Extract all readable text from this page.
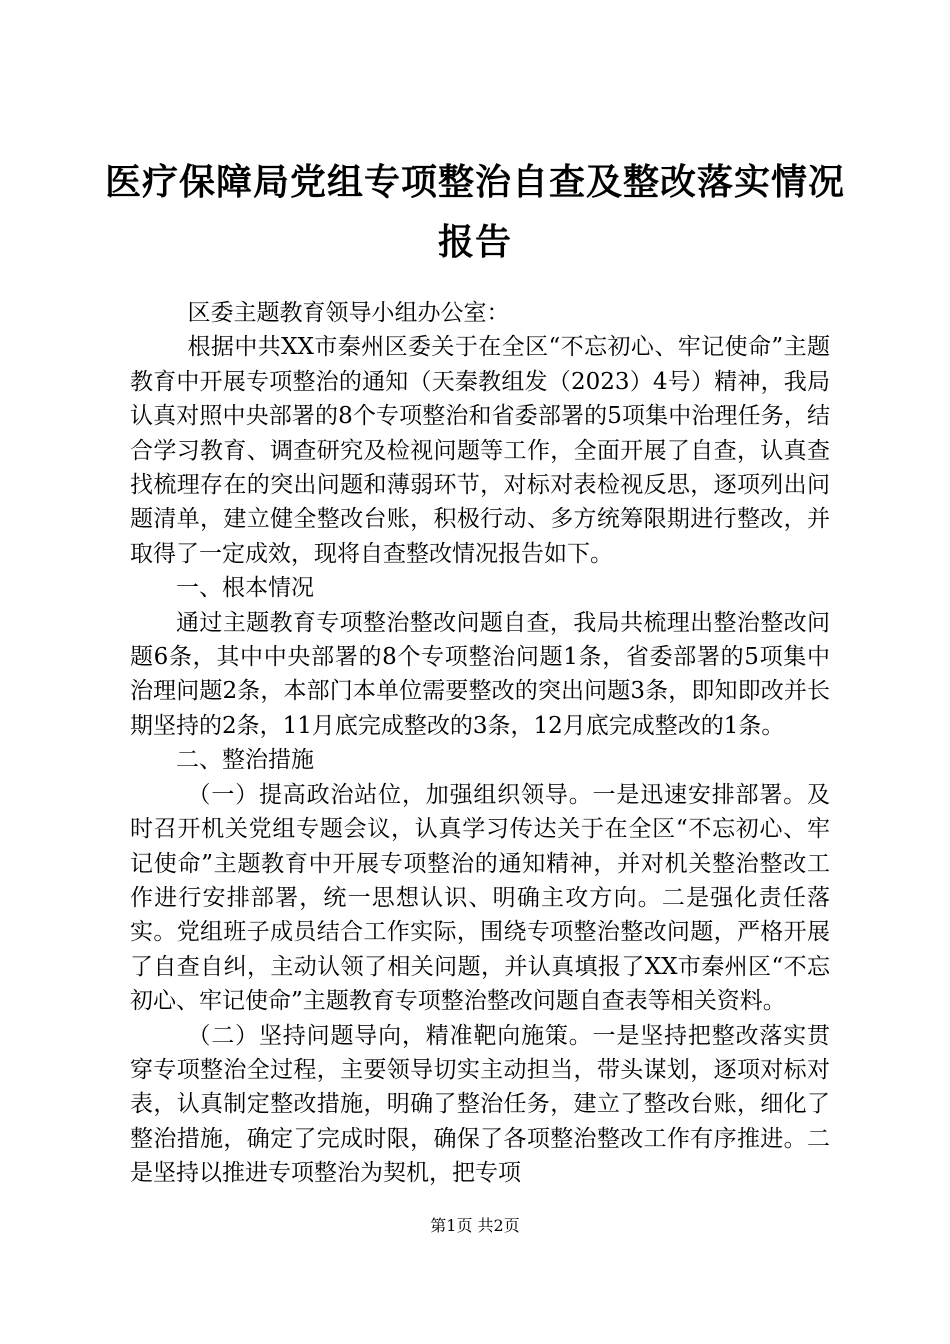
医疗保障局党组专项整治自查及整改落实情况
报告

区委主题教育领导小组办公室：

根据中共XX市秦州区委关于在全区“不忘初心、牢记使命”主题教育中开展专项整治的通知（天秦教组发（2023）4号）精神，我局认真对照中央部署的8个专项整治和省委部署的5项集中治理任务，结合学习教育、调查研究及检视问题等工作，全面开展了自查，认真查找梳理存在的突出问题和薄弱环节，对标对表检视反思，逐项列出问题清单，建立健全整改台账，积极行动、多方统筹限期进行整改，并取得了一定成效，现将自查整改情况报告如下。

一、根本情况

通过主题教育专项整治整改问题自查，我局共梳理出整治整改问题6条，其中中央部署的8个专项整治问题1条，省委部署的5项集中治理问题2条，本部门本单位需要整改的突出问题3条，即知即改并长期坚持的2条，11月底完成整改的3条，12月底完成整改的1条。

二、整治措施

（一）提高政治站位，加强组织领导。一是迅速安排部署。及时召开机关党组专题会议，认真学习传达关于在全区“不忘初心、牢记使命”主题教育中开展专项整治的通知精神，并对机关整治整改工作进行安排部署，统一思想认识、明确主攻方向。二是强化责任落实。党组班子成员结合工作实际，围绕专项整治整改问题，严格开展了自查自纠，主动认领了相关问题，并认真填报了XX市秦州区“不忘初心、牢记使命”主题教育专项整治整改问题自查表等相关资料。

（二）坚持问题导向，精准靶向施策。一是坚持把整改落实贯穿专项整治全过程，主要领导切实主动担当，带头谋划，逐项对标对表，认真制定整改措施，明确了整治任务，建立了整改台账，细化了整治措施，确定了完成时限，确保了各项整治整改工作有序推进。二是坚持以推进专项整治为契机，把专项

第1页 共2页
